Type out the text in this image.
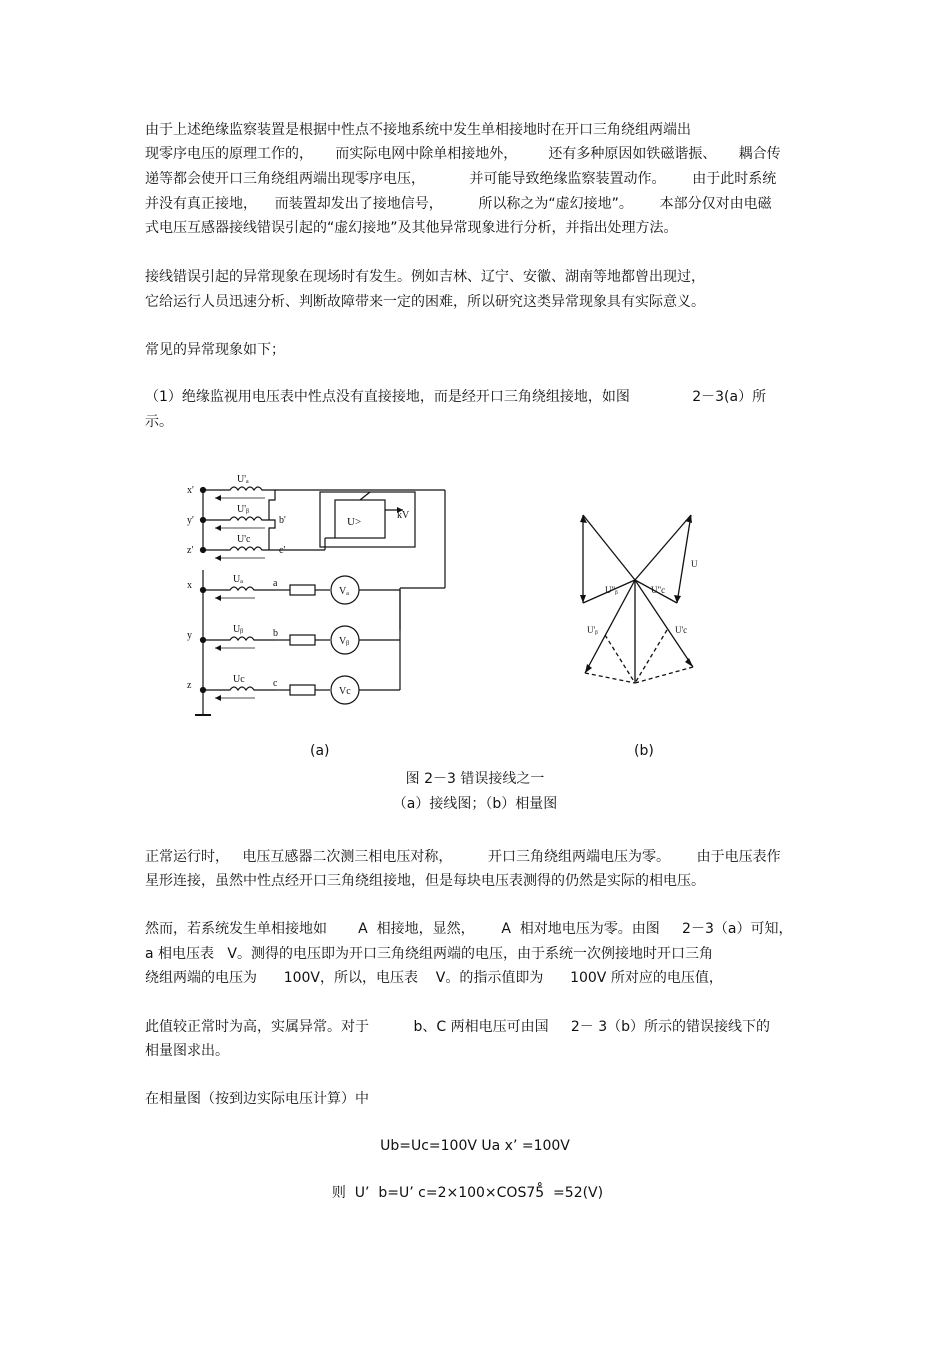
由于上述绝缘监察装置是根据中性点不接地系统中发生单相接地时在开口三角绕组两端出
现零序电压的原理工作的，     而实际电网中除单相接地外，       还有多种原因如铁磁谐振、     耦合传
递等都会使开口三角绕组两端出现零序电压，          并可能导致绝缘监察装置动作。      由于此时系统
并没有真正接地，    而装置却发出了接地信号，        所以称之为“虚幻接地”。      本部分仅对由电磁
式电压互感器接线错误引起的“虚幻接地”及其他异常现象进行分析，并指出处理方法。
接线错误引起的异常现象在现场时有发生。例如吉林、辽宁、安徽、湖南等地都曾出现过，
它给运行人员迅速分析、判断故障带来一定的困难，所以研究这类异常现象具有实际意义。
常见的异常现象如下；
（1）绝缘监视用电压表中性点没有直接接地，而是经开口三角绕组接地，如图              2－3(a）所
示。
x'
y'
z'
U'ₐ
U'ᵦ
U'c
b'
c'
U>
kV
x
y
z
a
b
c
Uₐ
Uᵦ
Uc
Vₐ
Vᵦ
Vc
U"ᵦ	U"c
U'ᵦ	U'c
U
(a)	(b)
图 2－3 错误接线之一
（a）接线图；（b）相量图
正常运行时，   电压互感器二次测三相电压对称，        开口三角绕组两端电压为零。      由于电压表作
星形连接，虽然中性点经开口三角绕组接地，但是每块电压表测得的仍然是实际的相电压。
然而，若系统发生单相接地如       A  相接地，显然，      A  相对地电压为零。由图     2－3（a）可知，
a 相电压表   V。测得的电压即为开口三角绕组两端的电压，由于系统一次例接地时开口三角
绕组两端的电压为      100V，所以，电压表    V。的指示值即为      100V 所对应的电压值，
此值较正常时为高，实属异常。对于          b、C 两相电压可由国     2－ 3（b）所示的错误接线下的
相量图求出。
在相量图（按到边实际电压计算）中
Ub=Uc=100V Uа x’ =100V
则  U’  b=U’ c=2×100×COS75̊  =52(V)
